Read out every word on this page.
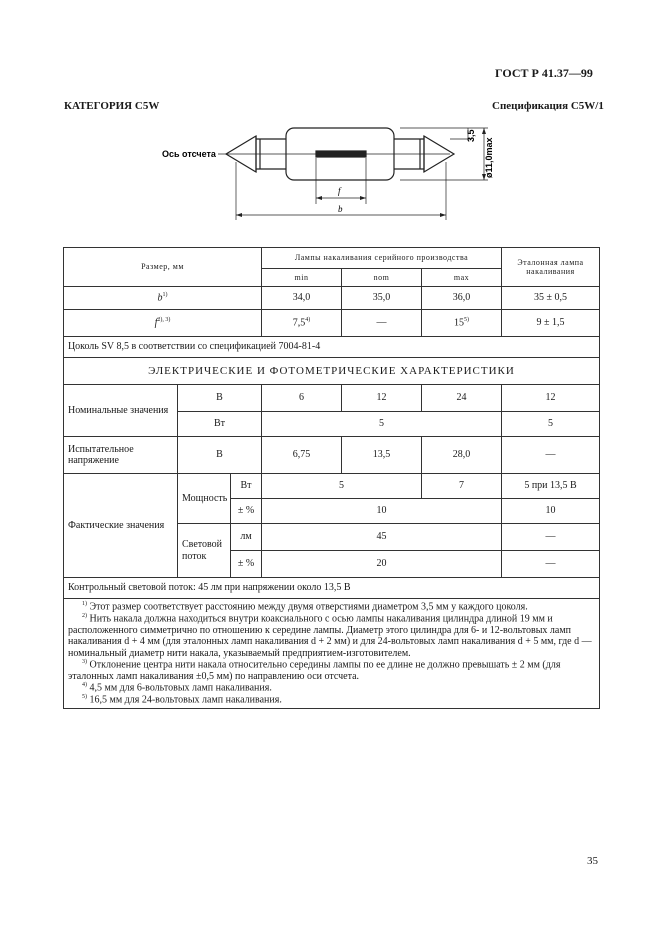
ГОСТ Р 41.37—99
КАТЕГОРИЯ С5W	Спецификация С5W/1
Ось отсчета
f
b
3,5
ø11,0max
Размер, мм			Лампы накаливания серийного производства			Эталонная лампа накаливания
			min	nom	max	
$b^{1)}$			34,0	35,0	36,0	35 ± 0,5
$f^{2), 3)}$			7,5$^{4)}$	—	15$^{5)}$	9 ± 1,5
Цоколь SV 8,5 в соответствии со спецификацией 7004-81-4						
ЭЛЕКТРИЧЕСКИЕ И ФОТОМЕТРИЧЕСКИЕ ХАРАКТЕРИСТИКИ						
Номинальные значения	В		6	12	24	12
	Вт		5			5
Испытательное напряжение	В		6,75	13,5	28,0	—
Фактические значения	Мощность	Вт	5		7	5 при 13,5 В
		± %	10			10
	Световой поток	лм	45			—
		± %	20			—
Контрольный световой поток: 45 лм при напряжении около 13,5 В						

$^{1)}$ Этот размер соответствует расстоянию между двумя отверстиями диаметром 3,5 мм у каждого цоколя.

$^{2)}$ Нить накала должна находиться внутри коаксиального с осью лампы накаливания цилиндра длиной 19 мм и расположенного симметрично по отношению к середине лампы. Диаметр этого цилиндра для 6- и 12-вольтовых ламп накаливания d + 4 мм (для эталонных ламп накаливания d + 2 мм) и для 24-вольтовых ламп накаливания d + 5 мм, где d — номинальный диаметр нити накала, указываемый предприятием-изготовителем.

$^{3)}$ Отклонение центра нити накала относительно середины лампы по ее длине не должно превышать ± 2 мм (для эталонных ламп накаливания ±0,5 мм) по направлению оси отсчета.

$^{4)}$ 4,5 мм для 6-вольтовых ламп накаливания.

$^{5)}$ 16,5 мм для 24-вольтовых ламп накаливания.						

35
